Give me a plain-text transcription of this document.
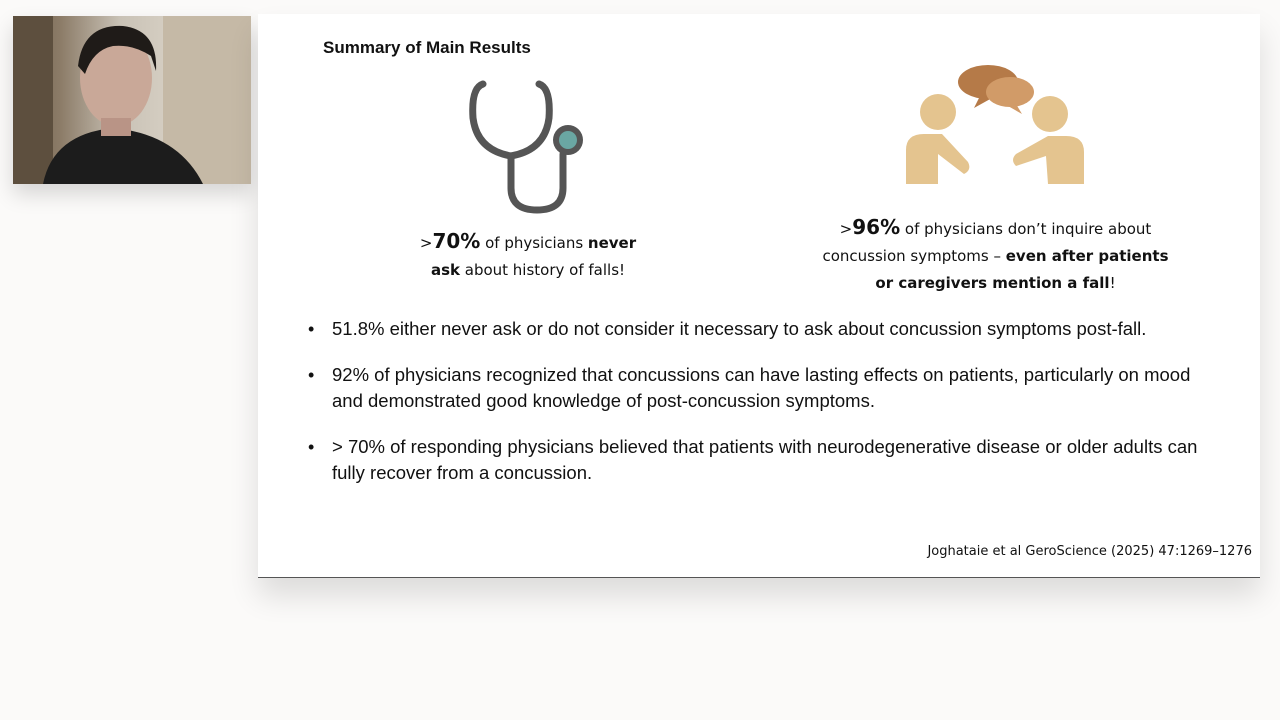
Summary of Main Results
>70% of physicians never
ask about history of falls!
>96% of physicians don’t inquire about
concussion symptoms – even after patients
or caregivers mention a fall!
• 51.8% either never ask or do not consider it necessary to ask about concussion symptoms post-fall.
• 92% of physicians recognized that concussions can have lasting effects on patients, particularly on mood and demonstrated good knowledge of post-concussion symptoms.
• > 70% of responding physicians believed that patients with neurodegenerative disease or older adults can fully recover from a concussion.
Joghataie et al GeroScience (2025) 47:1269–1276
